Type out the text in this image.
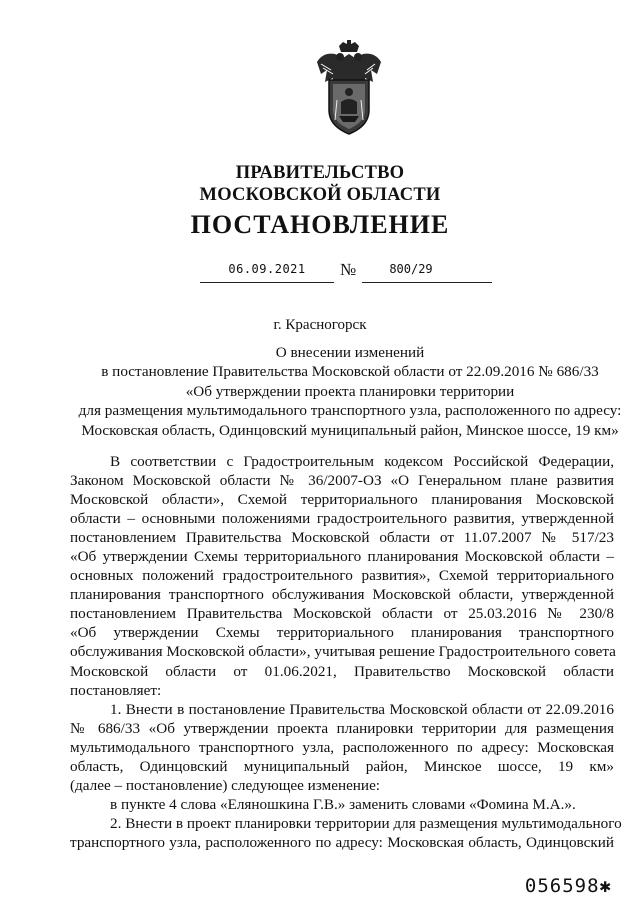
ПРАВИТЕЛЬСТВО
МОСКОВСКОЙ ОБЛАСТИ
ПОСТАНОВЛЕНИЕ
06.09.2021	№	800/29
г. Красногорск
О внесении изменений
в постановление Правительства Московской области от 22.09.2016 № 686/33
«Об утверждении проекта планировки территории
для размещения мультимодального транспортного узла, расположенного по адресу:
Московская область, Одинцовский муниципальный район, Минское шоссе, 19 км»
В соответствии с Градостроительным кодексом Российской Федерации,
Законом Московской области № 36/2007-ОЗ «О Генеральном плане развития
Московской области», Схемой территориального планирования Московской
области – основными положениями градостроительного развития, утвержденной
постановлением Правительства Московской области от 11.07.2007 № 517/23
«Об утверждении Схемы территориального планирования Московской области –
основных положений градостроительного развития», Схемой территориального
планирования транспортного обслуживания Московской области, утвержденной
постановлением Правительства Московской области от 25.03.2016 № 230/8
«Об утверждении Схемы территориального планирования транспортного
обслуживания Московской области», учитывая решение Градостроительного совета
Московской области от 01.06.2021, Правительство Московской области
постановляет:
1. Внести в постановление Правительства Московской области от 22.09.2016
№ 686/33 «Об утверждении проекта планировки территории для размещения
мультимодального транспортного узла, расположенного по адресу: Московская
область, Одинцовский муниципальный район, Минское шоссе, 19 км»
(далее – постановление) следующее изменение:
в пункте 4 слова «Еляношкина Г.В.» заменить словами «Фомина М.А.».
2. Внести в проект планировки территории для размещения мультимодального
транспортного узла, расположенного по адресу: Московская область, Одинцовский
056598✱
